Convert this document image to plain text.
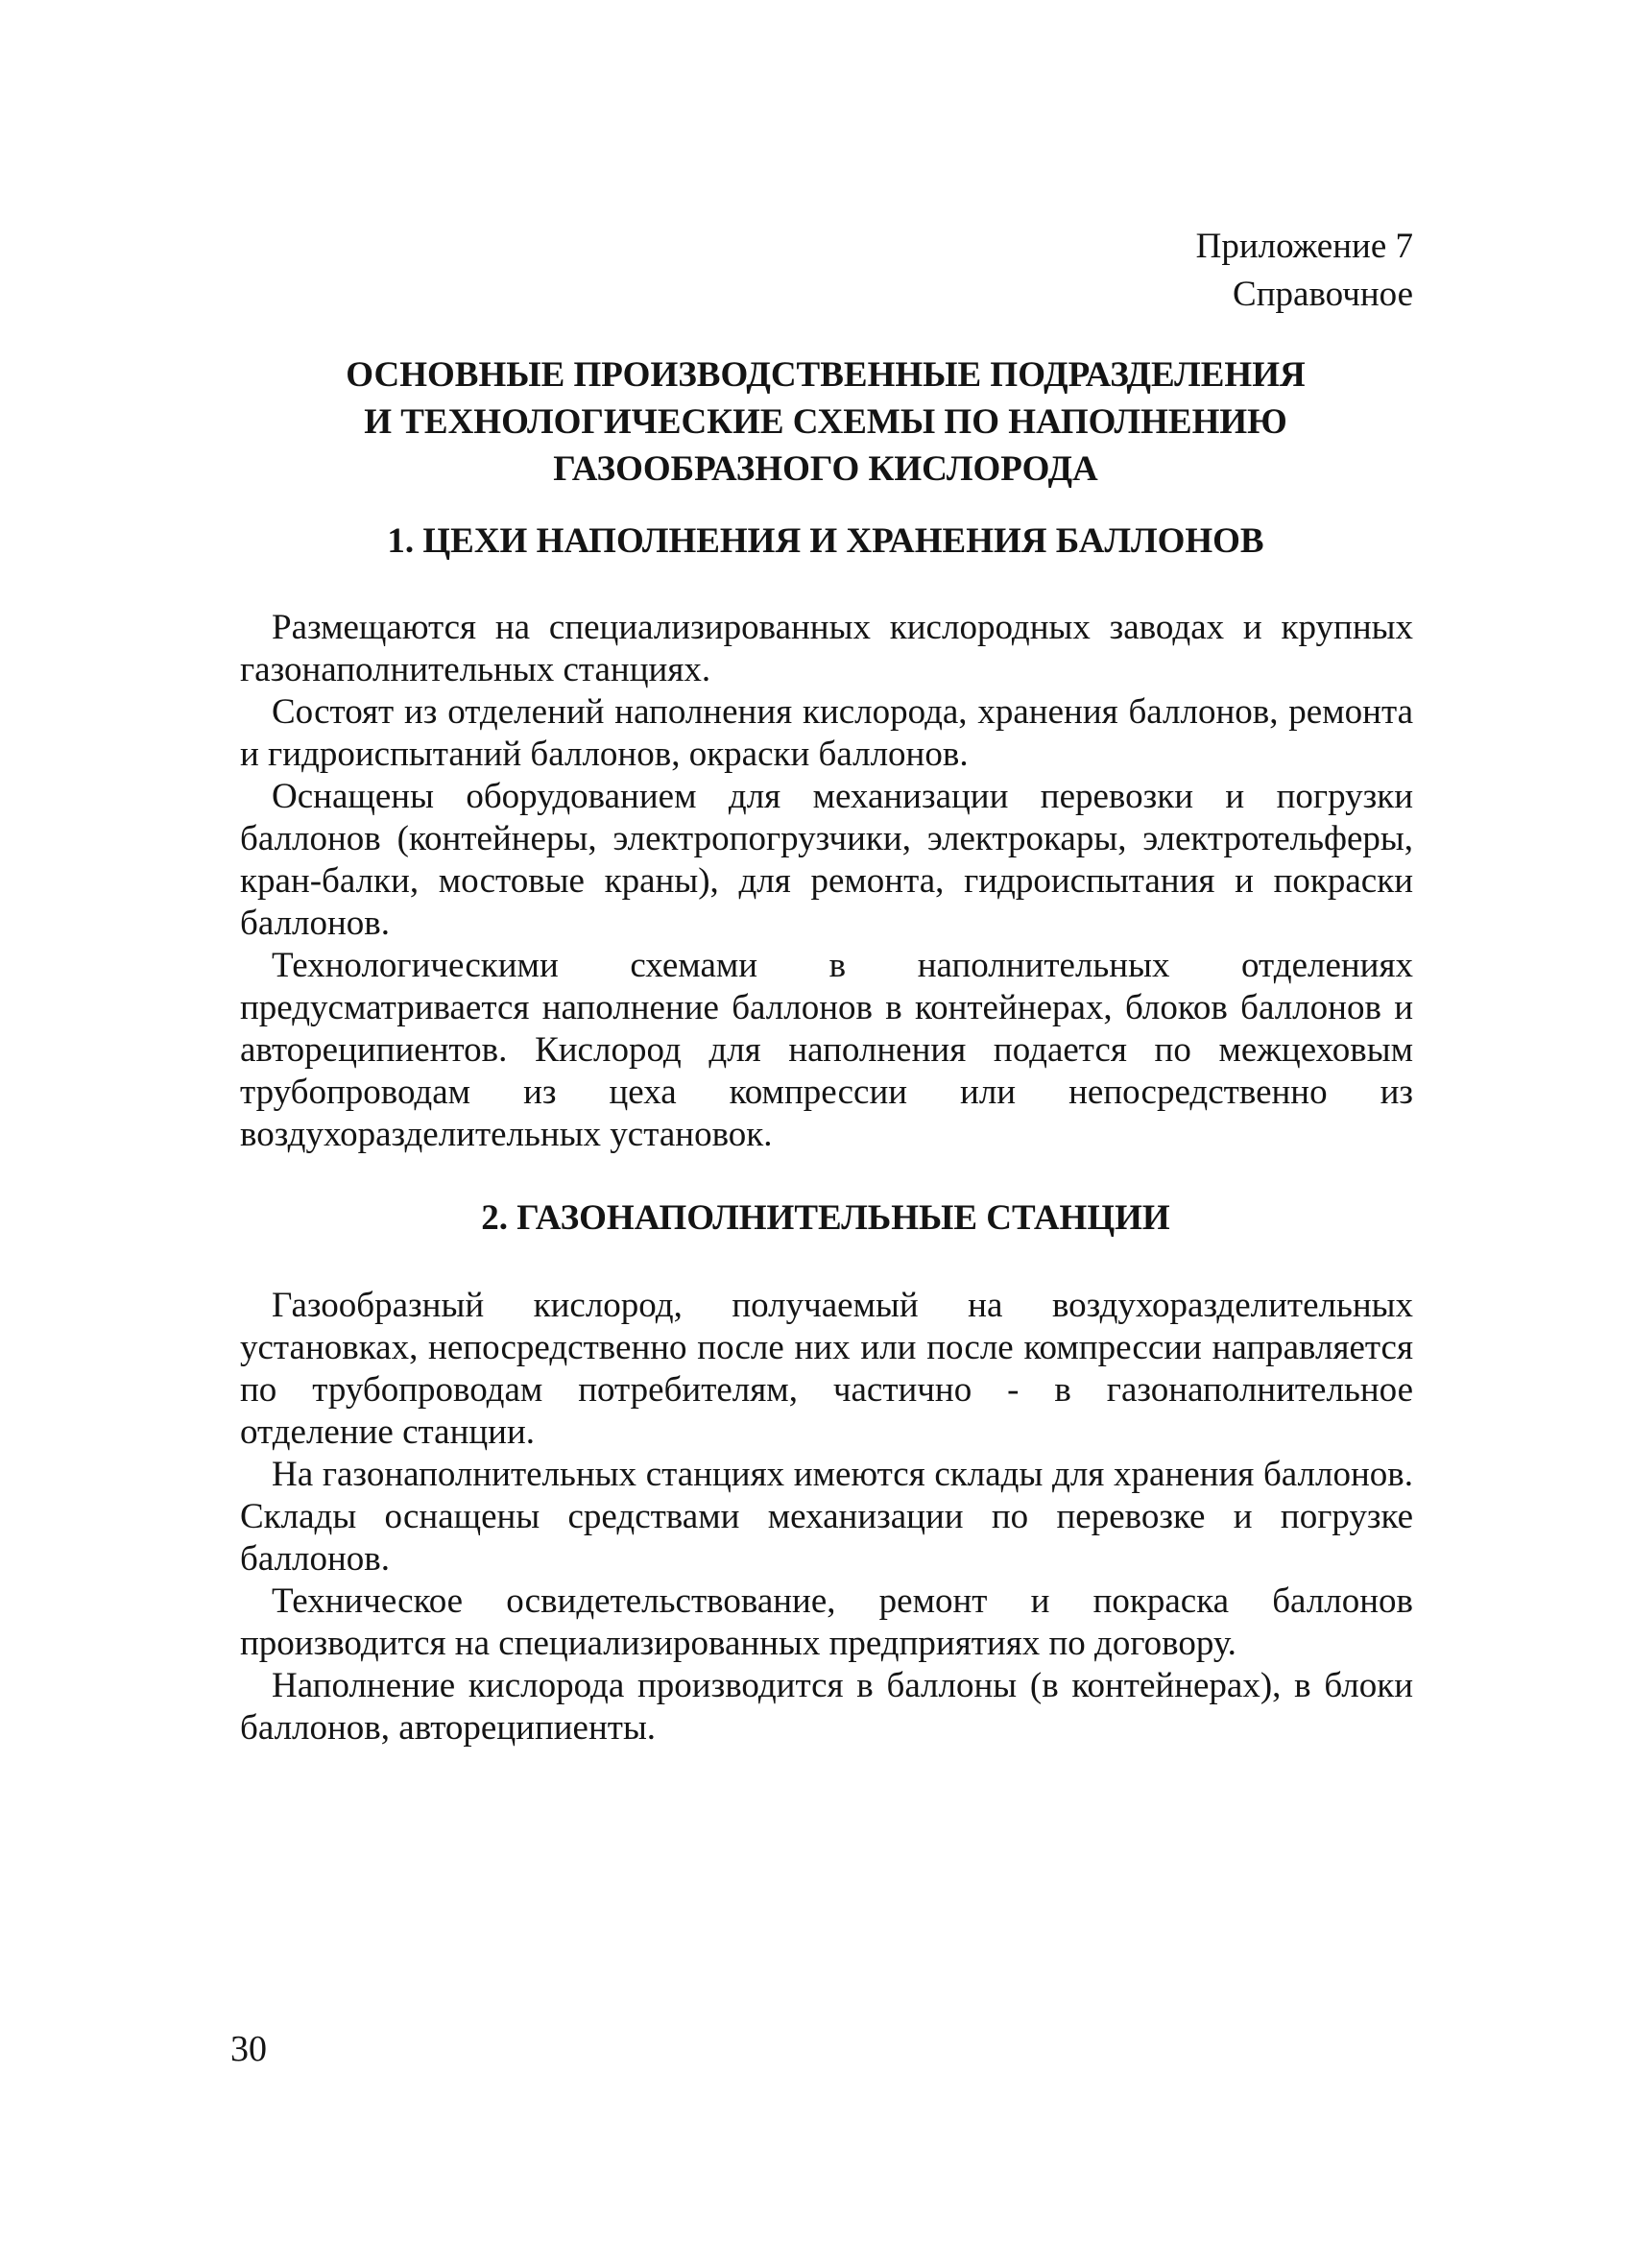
Приложение 7
Справочное
ОСНОВНЫЕ ПРОИЗВОДСТВЕННЫЕ ПОДРАЗДЕЛЕНИЯ
И ТЕХНОЛОГИЧЕСКИЕ СХЕМЫ ПО НАПОЛНЕНИЮ
ГАЗООБРАЗНОГО КИСЛОРОДА
1. ЦЕХИ НАПОЛНЕНИЯ И ХРАНЕНИЯ БАЛЛОНОВ

Размещаются на специализированных кислородных заводах и крупных газонаполнительных станциях.

Состоят из отделений наполнения кислорода, хранения баллонов, ремонта и гидроиспытаний баллонов, окраски баллонов.

Оснащены оборудованием для механизации перевозки и погрузки баллонов (контейнеры, электропогрузчики, электрокары, электротельферы, кран-балки, мостовые краны), для ремонта, гидроиспытания и покраски баллонов.

Технологическими схемами в наполнительных отделениях предусматривается наполнение баллонов в контейнерах, блоков баллонов и автореципиентов. Кислород для наполнения подается по межцеховым трубопроводам из цеха компрессии или непосредственно из воздухоразделительных установок.

2. ГАЗОНАПОЛНИТЕЛЬНЫЕ СТАНЦИИ

Газообразный кислород, получаемый на воздухоразделительных установках, непосредственно после них или после компрессии направляется по трубопроводам потребителям, частично - в газонаполнительное отделение станции.

На газонаполнительных станциях имеются склады для хранения баллонов. Склады оснащены средствами механизации по перевозке и погрузке баллонов.

Техническое освидетельствование, ремонт и покраска баллонов производится на специализированных предприятиях по договору.

Наполнение кислорода производится в баллоны (в контейнерах), в блоки баллонов, автореципиенты.

30
